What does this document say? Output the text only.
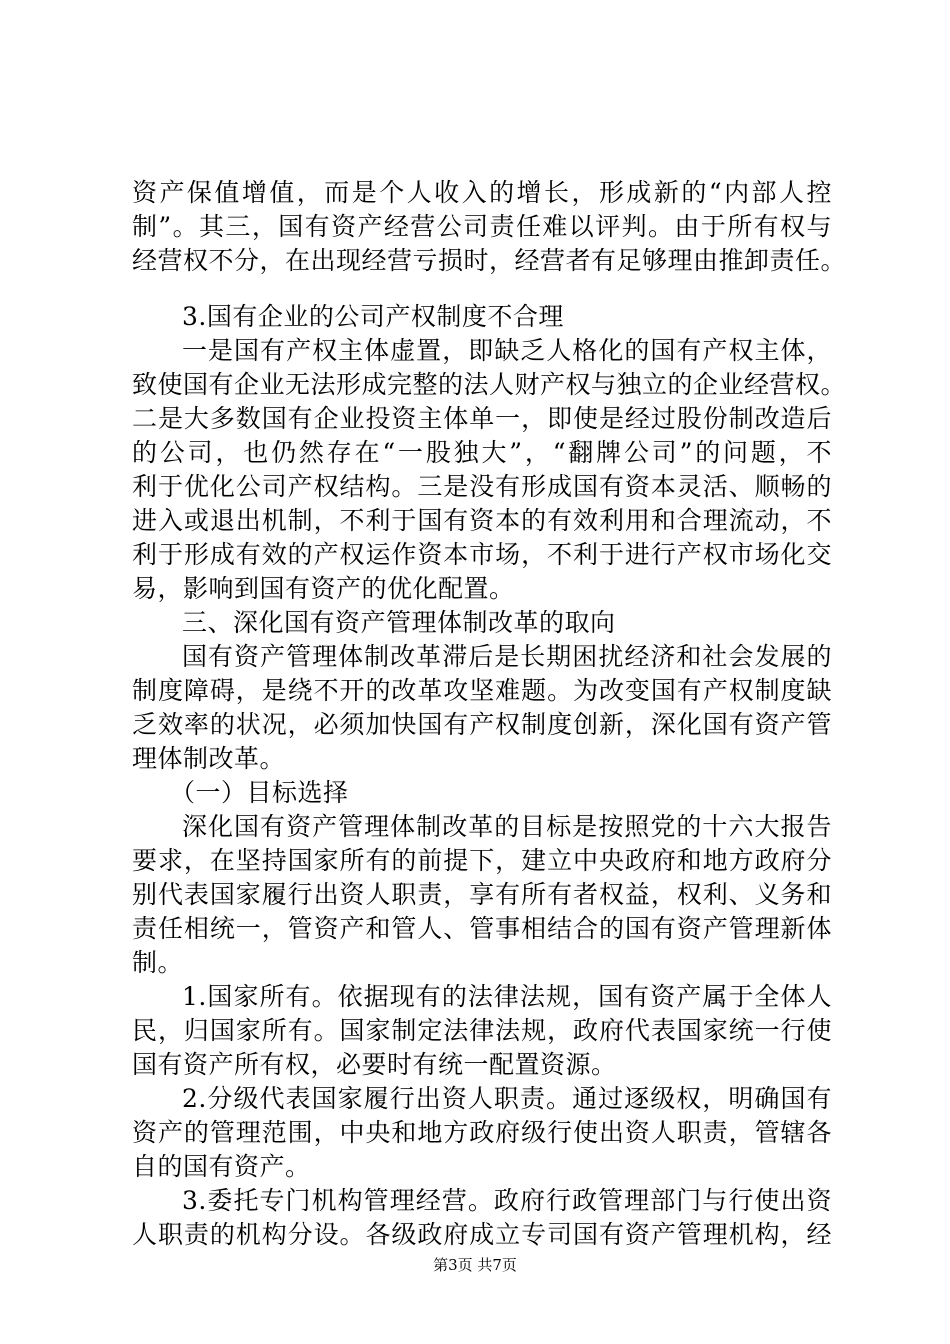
资产保值增值，而是个人收入的增长，形成新的“内部人控
制”。其三，国有资产经营公司责任难以评判。由于所有权与
经营权不分，在出现经营亏损时，经营者有足够理由推卸责任。
3.国有企业的公司产权制度不合理
一是国有产权主体虚置，即缺乏人格化的国有产权主体，
致使国有企业无法形成完整的法人财产权与独立的企业经营权。
二是大多数国有企业投资主体单一，即使是经过股份制改造后
的公司，也仍然存在“一股独大”，“翻牌公司”的问题，不
利于优化公司产权结构。三是没有形成国有资本灵活、顺畅的
进入或退出机制，不利于国有资本的有效利用和合理流动，不
利于形成有效的产权运作资本市场，不利于进行产权市场化交
易，影响到国有资产的优化配置。
三、深化国有资产管理体制改革的取向
国有资产管理体制改革滞后是长期困扰经济和社会发展的
制度障碍，是绕不开的改革攻坚难题。为改变国有产权制度缺
乏效率的状况，必须加快国有产权制度创新，深化国有资产管
理体制改革。
（一）目标选择
深化国有资产管理体制改革的目标是按照党的十六大报告
要求，在坚持国家所有的前提下，建立中央政府和地方政府分
别代表国家履行出资人职责，享有所有者权益，权利、义务和
责任相统一，管资产和管人、管事相结合的国有资产管理新体
制。
1.国家所有。依据现有的法律法规，国有资产属于全体人
民，归国家所有。国家制定法律法规，政府代表国家统一行使
国有资产所有权，必要时有统一配置资源。
2.分级代表国家履行出资人职责。通过逐级权，明确国有
资产的管理范围，中央和地方政府级行使出资人职责，管辖各
自的国有资产。
3.委托专门机构管理经营。政府行政管理部门与行使出资
人职责的机构分设。各级政府成立专司国有资产管理机构，经
第3页 共7页
